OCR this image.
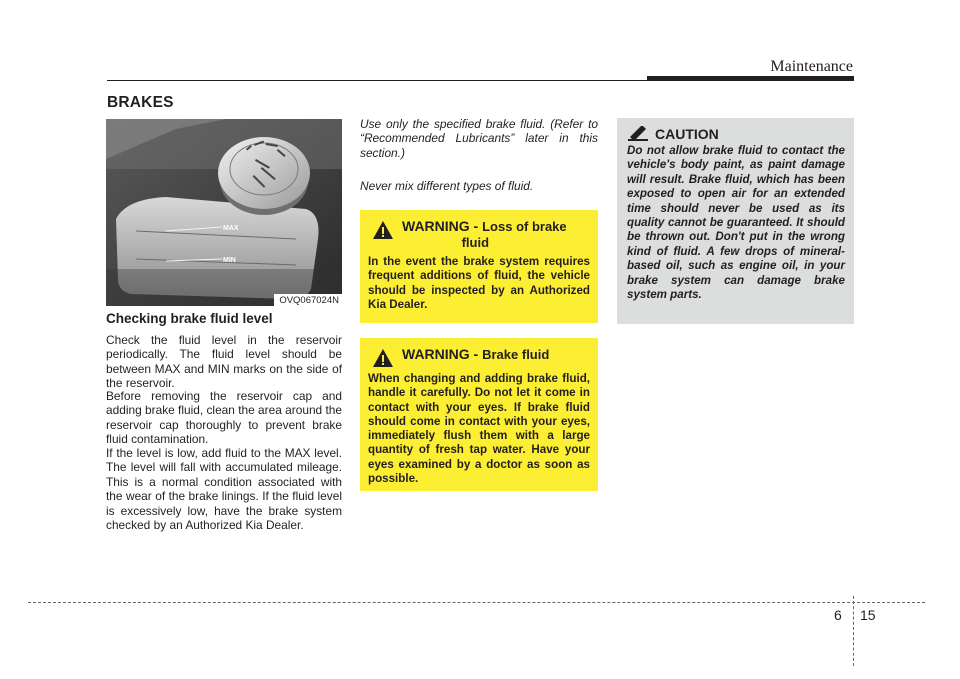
Maintenance
BRAKES
MAX
MIN
OVQ067024N
Checking brake fluid level

Check the fluid level in the reservoir periodically. The fluid level should be between MAX and MIN marks on the side of the reservoir.

Before removing the reservoir cap and adding brake fluid, clean the area around the reservoir cap thoroughly to prevent brake fluid contamination.

If the level is low, add fluid to the MAX level. The level will fall with accumulated mileage. This is a normal condition associated with the wear of the brake linings. If the fluid level is excessively low, have the brake system checked by an Authorized Kia Dealer.

Use only the specified brake fluid. (Refer to “Recommended Lubricants” later in this section.)

Never mix different types of fluid.

WARNING - Loss of brake
fluid

In the event the brake system requires frequent additions of fluid, the vehicle should be inspected by an Authorized Kia Dealer.

WARNING - Brake fluid

When changing and adding brake fluid, handle it carefully. Do not let it come in contact with your eyes. If brake fluid should come in contact with your eyes, immediately flush them with a large quantity of fresh tap water. Have your eyes examined by a doctor as soon as possible.

CAUTION

Do not allow brake fluid to contact the vehicle's body paint, as paint damage will result. Brake fluid, which has been exposed to open air for an extended time should never be used as its quality cannot be guaranteed. It should be thrown out. Don't put in the wrong kind of fluid. A few drops of mineral-based oil, such as engine oil, in your brake system can damage brake system parts.

6 15
